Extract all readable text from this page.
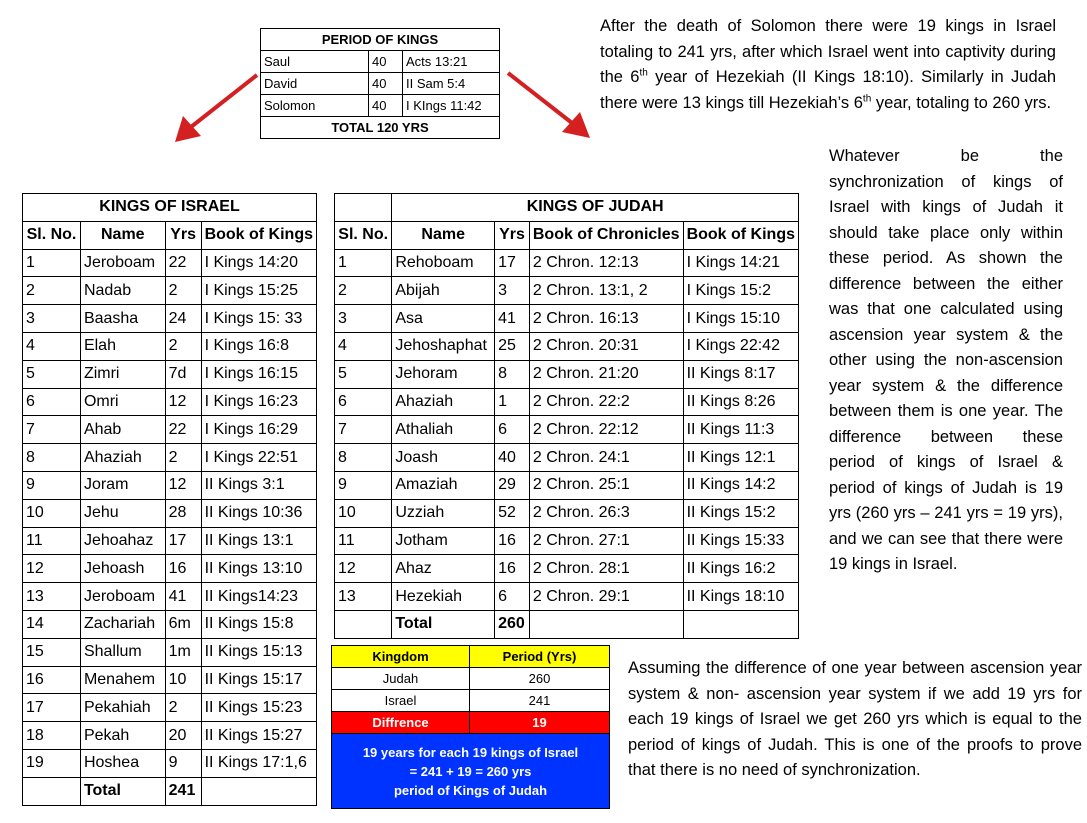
PERIOD OF KINGS		
Saul	40	Acts 13:21
David	40	II Sam 5:4
Solomon	40	I KIngs 11:42
TOTAL 120 YRS		

After the death of Solomon there were 19 kings in Israel totaling to 241 yrs, after which Israel went into captivity during the 6th year of Hezekiah (II Kings 18:10). Similarly in Judah there were 13 kings till Hezekiah’s 6th year, totaling to 260 yrs.

Whatever be the synchronization of kings of Israel with kings of Judah it should take place only within these period. As shown the difference between the either was that one calculated using ascension year system & the other using the non-ascension year system & the difference between them is one year. The difference between these period of kings of Israel & period of kings of Judah is 19 yrs (260 yrs – 241 yrs = 19 yrs), and we can see that there were 19 kings in Israel.

Assuming the difference of one year between ascension year system & non- ascension year system if we add 19 yrs for each 19 kings of Israel we get 260 yrs which is equal to the period of kings of Judah. This is one of the proofs to prove that there is no need of synchronization.

KINGS OF ISRAEL			
Sl. No.	Name	Yrs	Book of Kings
1	Jeroboam	22	I Kings 14:20
2	Nadab	2	I Kings 15:25
3	Baasha	24	I Kings 15: 33
4	Elah	2	I Kings 16:8
5	Zimri	7d	I Kings 16:15
6	Omri	12	I Kings 16:23
7	Ahab	22	I Kings 16:29
8	Ahaziah	2	I Kings 22:51
9	Joram	12	II Kings 3:1
10	Jehu	28	II Kings 10:36
11	Jehoahaz	17	II Kings 13:1
12	Jehoash	16	II Kings 13:10
13	Jeroboam	41	II Kings14:23
14	Zachariah	6m	II Kings 15:8
15	Shallum	1m	II Kings 15:13
16	Menahem	10	II Kings 15:17
17	Pekahiah	2	II Kings 15:23
18	Pekah	20	II Kings 15:27
19	Hoshea	9	II Kings 17:1,6
	Total	241	
	KINGS OF JUDAH			
Sl. No.	Name	Yrs	Book of Chronicles	Book of Kings
1	Rehoboam	17	2 Chron. 12:13	I Kings 14:21
2	Abijah	3	2 Chron. 13:1, 2	I Kings 15:2
3	Asa	41	2 Chron. 16:13	I Kings 15:10
4	Jehoshaphat	25	2 Chron. 20:31	I Kings 22:42
5	Jehoram	8	2 Chron. 21:20	II Kings 8:17
6	Ahaziah	1	2 Chron. 22:2	II Kings 8:26
7	Athaliah	6	2 Chron. 22:12	II Kings 11:3
8	Joash	40	2 Chron. 24:1	II Kings 12:1
9	Amaziah	29	2 Chron. 25:1	II Kings 14:2
10	Uzziah	52	2 Chron. 26:3	II Kings 15:2
11	Jotham	16	2 Chron. 27:1	II Kings 15:33
12	Ahaz	16	2 Chron. 28:1	II Kings 16:2
13	Hezekiah	6	2 Chron. 29:1	II Kings 18:10
	Total	260		
Kingdom	Period (Yrs)
Judah	260
Israel	241
Diffrence	19

19 years for each 19 kings of Israel
= 241 + 19 = 260 yrs
period of Kings of Judah	
